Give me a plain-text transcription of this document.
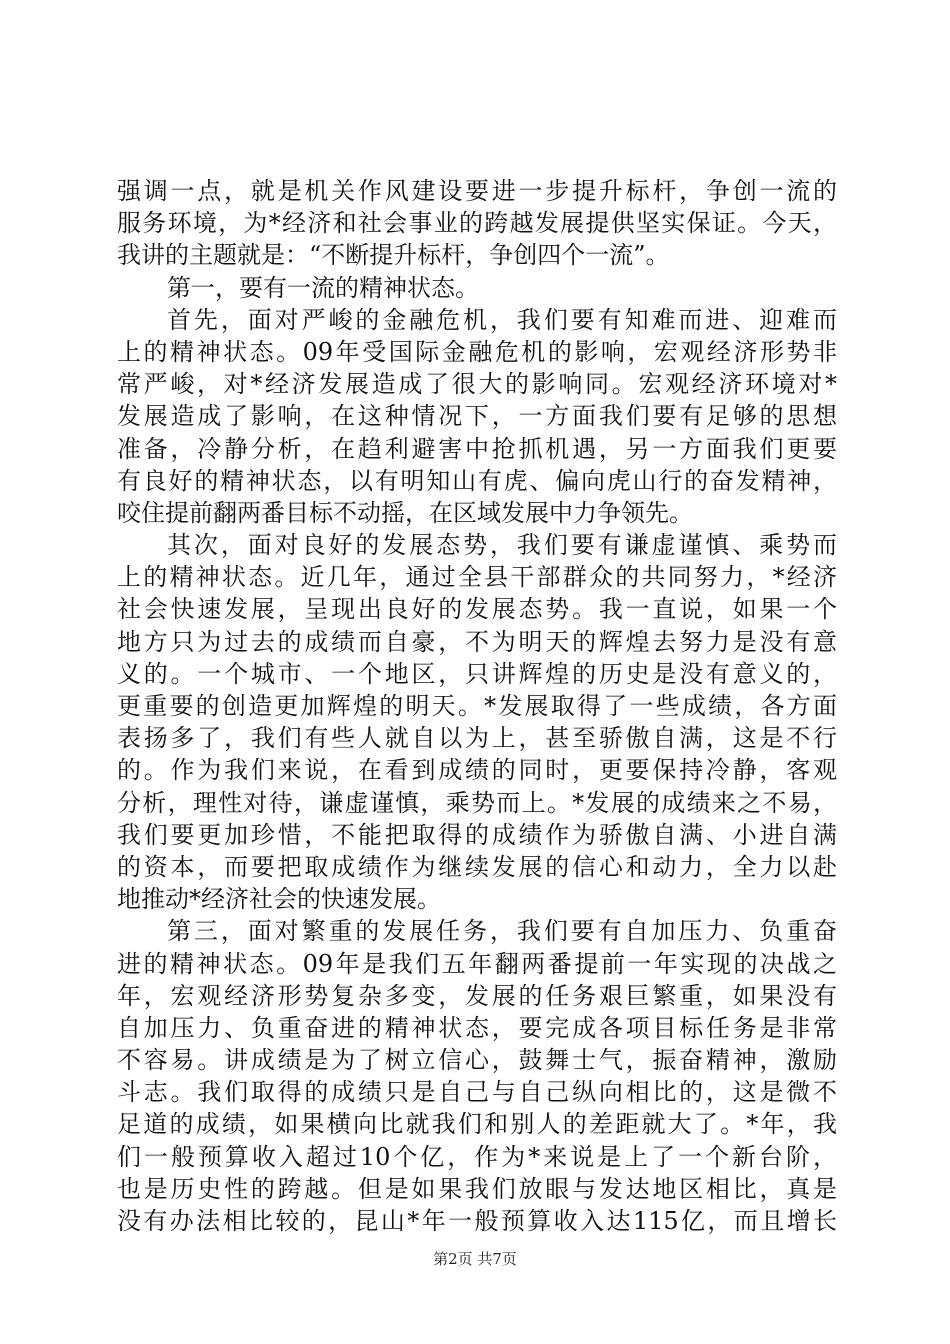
强调一点，就是机关作风建设要进一步提升标杆，争创一流的
服务环境，为*经济和社会事业的跨越发展提供坚实保证。今天，
我讲的主题就是：“不断提升标杆，争创四个一流”。
第一，要有一流的精神状态。
首先，面对严峻的金融危机，我们要有知难而进、迎难而
上的精神状态。09年受国际金融危机的影响，宏观经济形势非
常严峻，对*经济发展造成了很大的影响同。宏观经济环境对*
发展造成了影响，在这种情况下，一方面我们要有足够的思想
准备，冷静分析，在趋利避害中抢抓机遇，另一方面我们更要
有良好的精神状态，以有明知山有虎、偏向虎山行的奋发精神，
咬住提前翻两番目标不动摇，在区域发展中力争领先。
其次，面对良好的发展态势，我们要有谦虚谨慎、乘势而
上的精神状态。近几年，通过全县干部群众的共同努力，*经济
社会快速发展，呈现出良好的发展态势。我一直说，如果一个
地方只为过去的成绩而自豪，不为明天的辉煌去努力是没有意
义的。一个城市、一个地区，只讲辉煌的历史是没有意义的，
更重要的创造更加辉煌的明天。*发展取得了一些成绩，各方面
表扬多了，我们有些人就自以为上，甚至骄傲自满，这是不行
的。作为我们来说，在看到成绩的同时，更要保持冷静，客观
分析，理性对待，谦虚谨慎，乘势而上。*发展的成绩来之不易，
我们要更加珍惜，不能把取得的成绩作为骄傲自满、小进自满
的资本，而要把取成绩作为继续发展的信心和动力，全力以赴
地推动*经济社会的快速发展。
第三，面对繁重的发展任务，我们要有自加压力、负重奋
进的精神状态。09年是我们五年翻两番提前一年实现的决战之
年，宏观经济形势复杂多变，发展的任务艰巨繁重，如果没有
自加压力、负重奋进的精神状态，要完成各项目标任务是非常
不容易。讲成绩是为了树立信心，鼓舞士气，振奋精神，激励
斗志。我们取得的成绩只是自己与自己纵向相比的，这是微不
足道的成绩，如果横向比就我们和别人的差距就大了。*年，我
们一般预算收入超过10个亿，作为*来说是上了一个新台阶，
也是历史性的跨越。但是如果我们放眼与发达地区相比，真是
没有办法相比较的，昆山*年一般预算收入达115亿，而且增长
第2页 共7页
